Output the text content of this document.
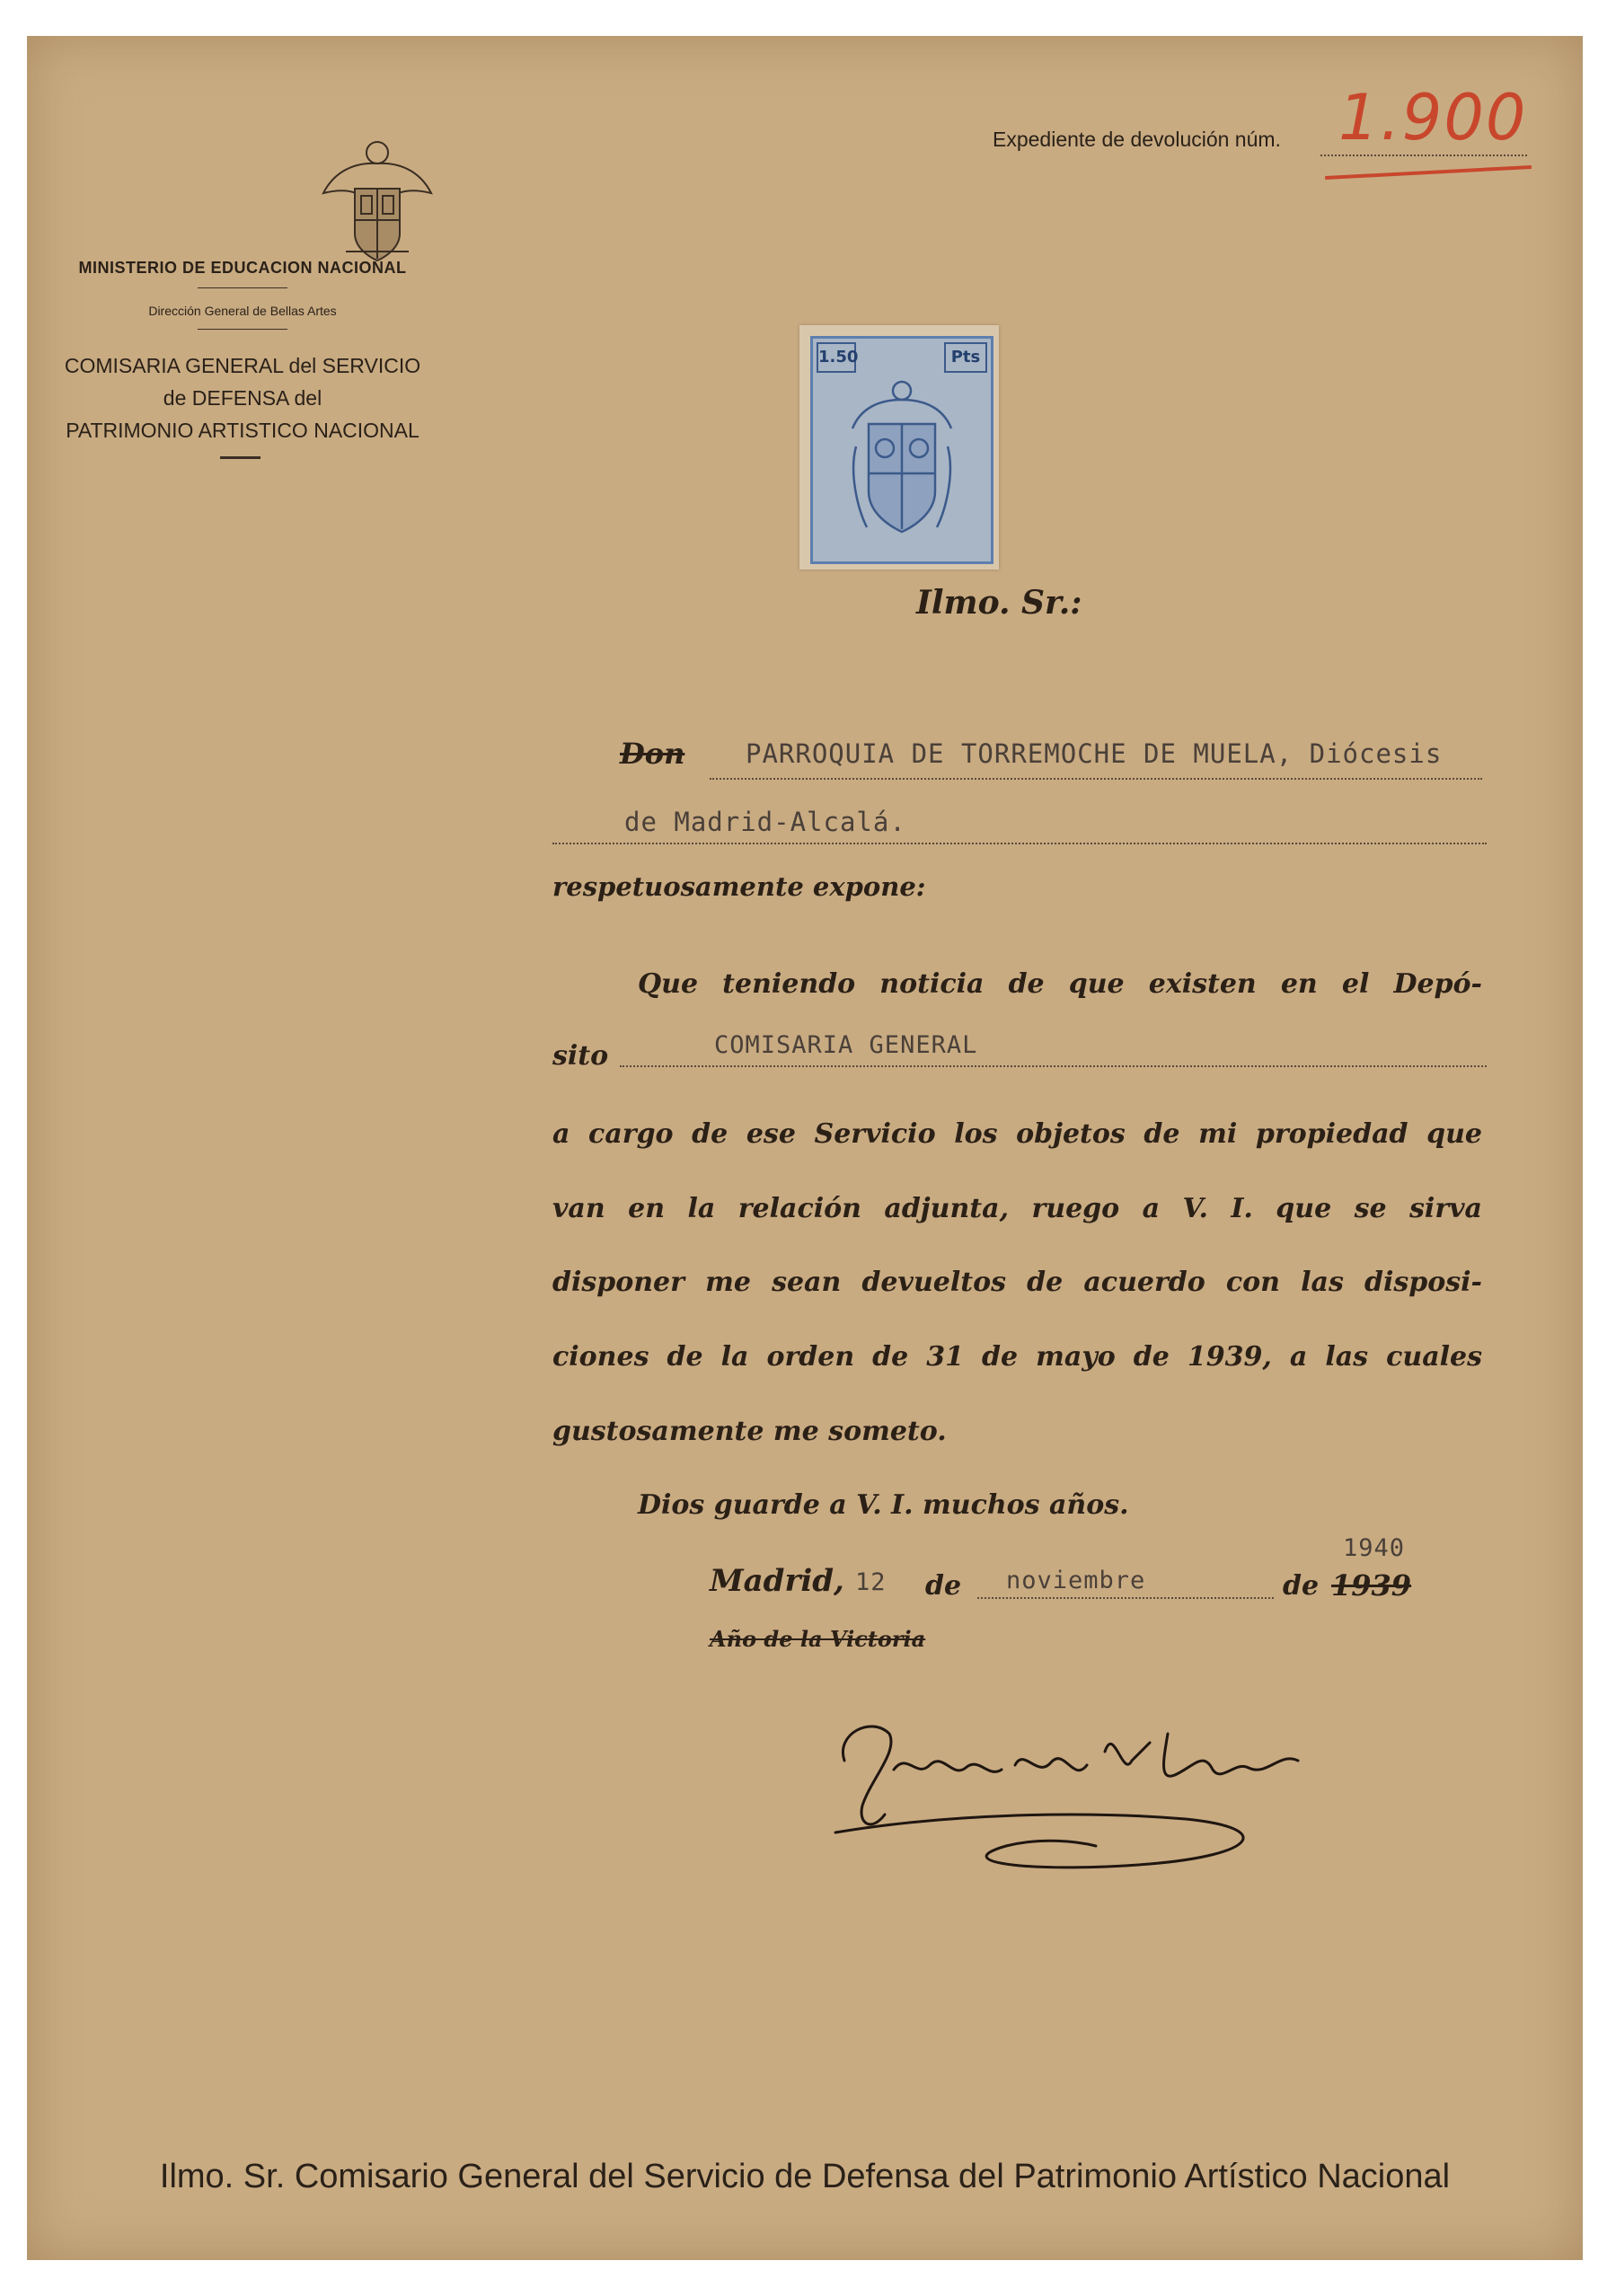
MINISTERIO DE EDUCACION NACIONAL
Dirección General de Bellas Artes
COMISARIA GENERAL del SERVICIO
de DEFENSA del
PATRIMONIO ARTISTICO NACIONAL
Expediente de devolución núm. 1.900
1.50	Pts
Ilmo. Sr.:
Don PARROQUIA DE TORREMOCHE DE MUELA, Diócesis
de Madrid-Alcalá.
respetuosamente expone:
Que teniendo noticia de que existen en el Depó-
sito	COMISARIA GENERAL
a cargo de ese Servicio los objetos de mi propiedad que
van en la relación adjunta, ruego a V. I. que se sirva
disponer me sean devueltos de acuerdo con las disposi-
ciones de la orden de 31 de mayo de 1939, a las cuales
gustosamente me someto.
Dios guarde a V. I. muchos años.
1940
Madrid, 12 de noviembre	de 1939
Año de la Victoria
Ilmo. Sr. Comisario General del Servicio de Defensa del Patrimonio Artístico Nacional
